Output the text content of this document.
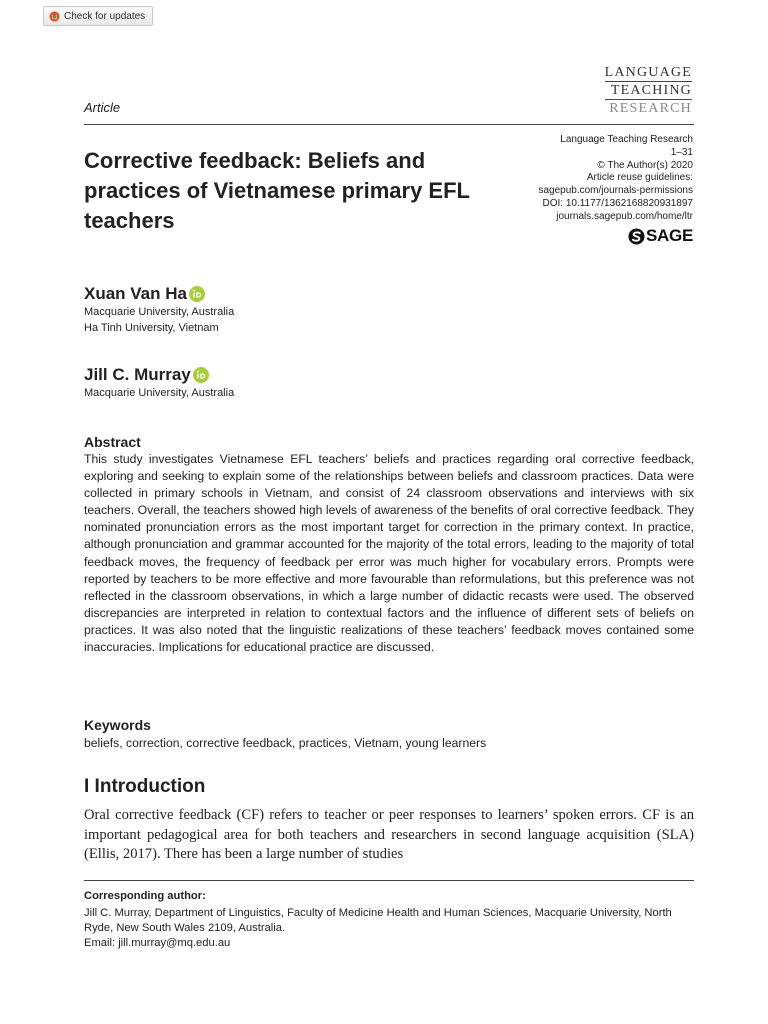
Check for updates
LANGUAGE
TEACHING
RESEARCH
Article
Corrective feedback: Beliefs and practices of Vietnamese primary EFL teachers
Language Teaching Research
1–31
© The Author(s) 2020
Article reuse guidelines:
sagepub.com/journals-permissions
DOI: 10.1177/1362168820931897
journals.sagepub.com/home/ltr
SAGE
Xuan Van Ha
Macquarie University, Australia
Ha Tinh University, Vietnam
Jill C. Murray
Macquarie University, Australia
Abstract

This study investigates Vietnamese EFL teachers’ beliefs and practices regarding oral corrective feedback, exploring and seeking to explain some of the relationships between beliefs and classroom practices. Data were collected in primary schools in Vietnam, and consist of 24 classroom observations and interviews with six teachers. Overall, the teachers showed high levels of awareness of the benefits of oral corrective feedback. They nominated pronunciation errors as the most important target for correction in the primary context. In practice, although pronunciation and grammar accounted for the majority of the total errors, leading to the majority of total feedback moves, the frequency of feedback per error was much higher for vocabulary errors. Prompts were reported by teachers to be more effective and more favourable than reformulations, but this preference was not reflected in the classroom observations, in which a large number of didactic recasts were used. The observed discrepancies are interpreted in relation to contextual factors and the influence of different sets of beliefs on practices. It was also noted that the linguistic realizations of these teachers’ feedback moves contained some inaccuracies. Implications for educational practice are discussed.

Keywords
beliefs, correction, corrective feedback, practices, Vietnam, young learners
I Introduction

Oral corrective feedback (CF) refers to teacher or peer responses to learners’ spoken errors. CF is an important pedagogical area for both teachers and researchers in second language acquisition (SLA) (Ellis, 2017). There has been a large number of studies

Corresponding author:
Jill C. Murray, Department of Linguistics, Faculty of Medicine Health and Human Sciences, Macquarie University, North Ryde, New South Wales 2109, Australia.
Email: jill.murray@mq.edu.au
